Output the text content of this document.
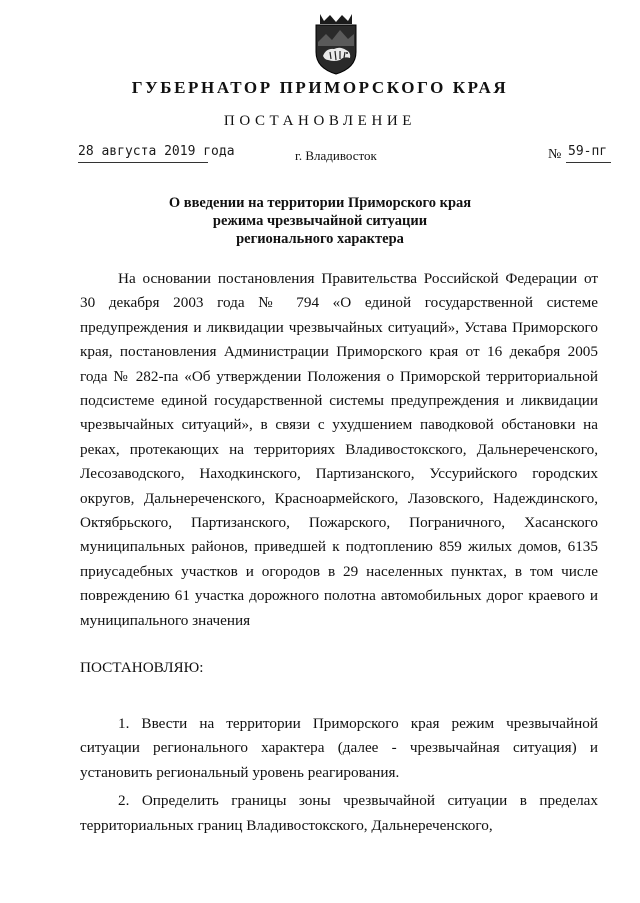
ГУБЕРНАТОР ПРИМОРСКОГО КРАЯ
ПОСТАНОВЛЕНИЕ
28 августа 2019 года	г. Владивосток	№ 59-пг
О введении на территории Приморского края
режима чрезвычайной ситуации
регионального характера

На основании постановления Правительства Российской Федерации от 30 декабря 2003 года № 794 «О единой государственной системе предупреждения и ликвидации чрезвычайных ситуаций», Устава Приморского края, постановления Администрации Приморского края от 16 декабря 2005 года № 282-па «Об утверждении Положения о Приморской территориальной подсистеме единой государственной системы предупреждения и ликвидации чрезвычайных ситуаций», в связи с ухудшением паводковой обстановки на реках, протекающих на территориях Владивостокского, Дальнереченского, Лесозаводского, Находкинского, Партизанского, Уссурийского городских округов, Дальнереченского, Красноармейского, Лазовского, Надеждинского, Октябрьского, Партизанского, Пожарского, Пограничного, Хасанского муниципальных районов, приведшей к подтоплению 859 жилых домов, 6135 приусадебных участков и огородов в 29 населенных пунктах, в том числе повреждению 61 участка дорожного полотна автомобильных дорог краевого и муниципального значения

ПОСТАНОВЛЯЮ:

1. Ввести на территории Приморского края режим чрезвычайной ситуации регионального характера (далее - чрезвычайная ситуация) и установить региональный уровень реагирования.

2. Определить границы зоны чрезвычайной ситуации в пределах территориальных границ Владивостокского, Дальнереченского,
